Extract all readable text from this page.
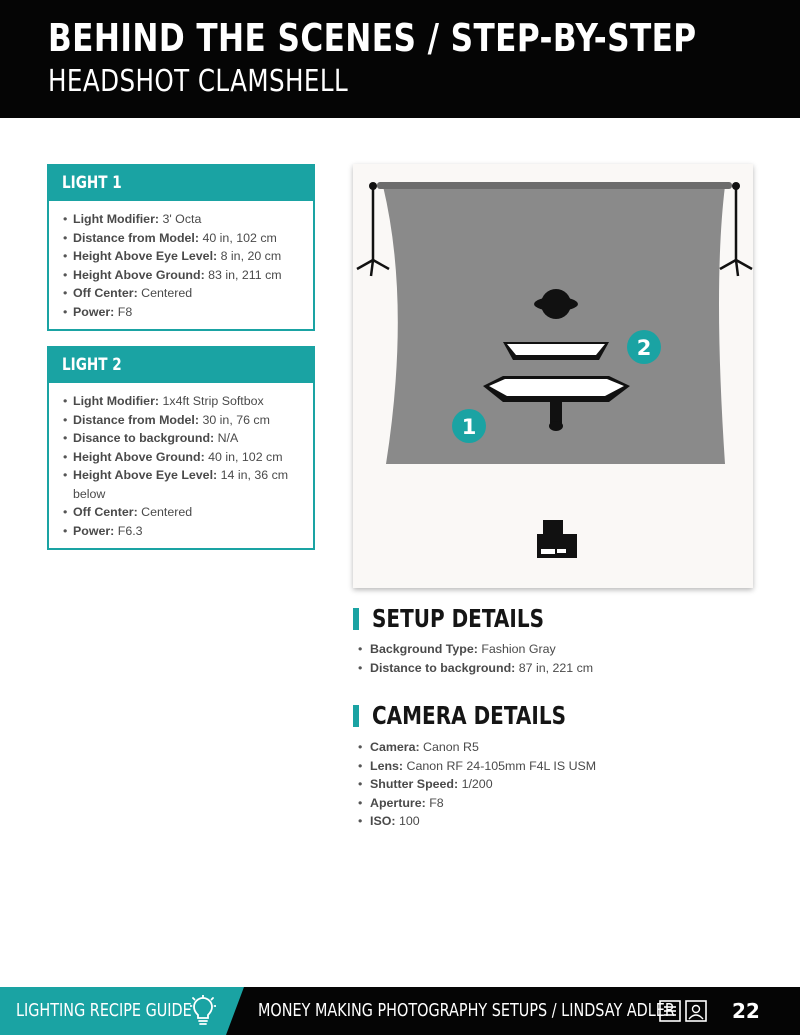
BEHIND THE SCENES / STEP-BY-STEP
HEADSHOT CLAMSHELL
LIGHT 1
• Light Modifier: 3' Octa
• Distance from Model: 40 in, 102 cm
• Height Above Eye Level: 8 in, 20 cm
• Height Above Ground: 83 in, 211 cm
• Off Center: Centered
• Power: F8
LIGHT 2
• Light Modifier: 1x4ft Strip Softbox
• Distance from Model: 30 in, 76 cm
• Disance to background: N/A
• Height Above Ground: 40 in, 102 cm
• Height Above Eye Level: 14 in, 36 cm below
• Off Center: Centered
• Power: F6.3
1
2
SETUP DETAILS
• Background Type: Fashion Gray
• Distance to background: 87 in, 221 cm
CAMERA DETAILS
• Camera: Canon R5
• Lens: Canon RF 24-105mm F4L IS USM
• Shutter Speed: 1/200
• Aperture: F8
• ISO: 100
LIGHTING RECIPE GUIDE	MONEY MAKING PHOTOGRAPHY SETUPS / LINDSAY ADLER	22
